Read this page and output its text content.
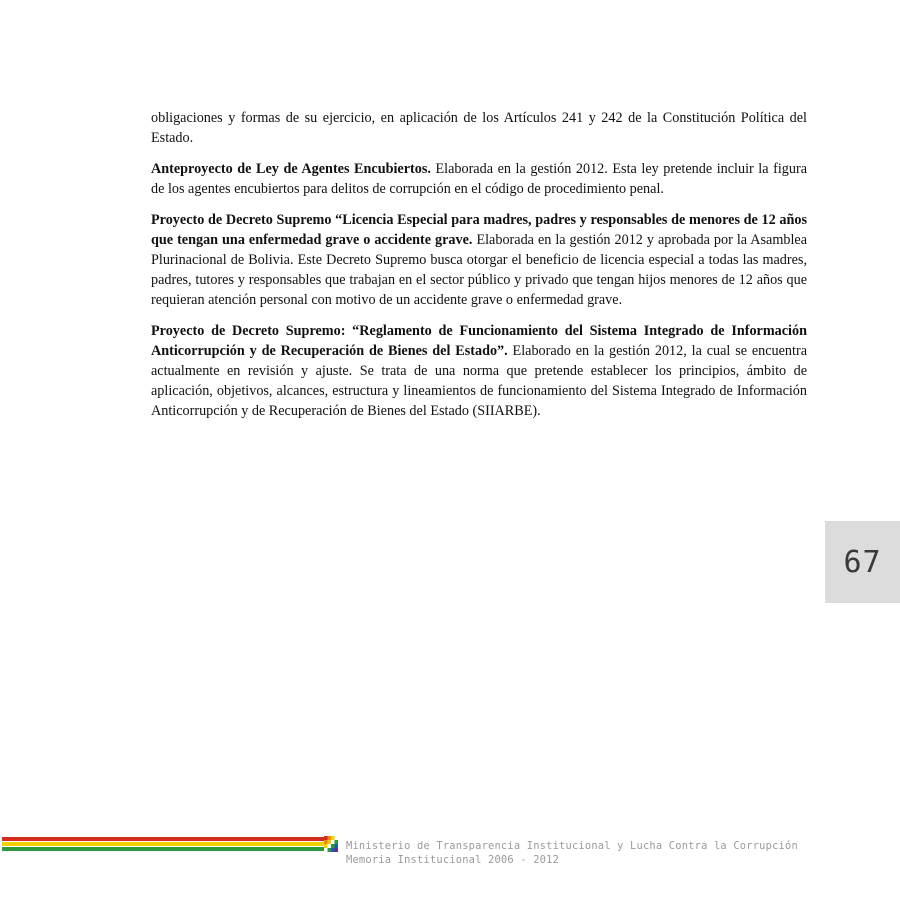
obligaciones y formas de su ejercicio, en aplicación de los Artículos 241 y 242 de la Constitución Política del Estado.

Anteproyecto de Ley de Agentes Encubiertos. Elaborada en la gestión 2012. Esta ley pretende incluir la figura de los agentes encubiertos para delitos de corrupción en el código de procedimiento penal.

Proyecto de Decreto Supremo “Licencia Especial para madres, padres y responsables de menores de 12 años que tengan una enfermedad grave o accidente grave. Elaborada en la gestión 2012 y aprobada por la Asamblea Plurinacional de Bolivia. Este Decreto Supremo busca otorgar el beneficio de licencia especial a todas las madres, padres, tutores y responsables que trabajan en el sector público y privado que tengan hijos menores de 12 años que requieran atención personal con motivo de un accidente grave o enfermedad grave.

Proyecto de Decreto Supremo: “Reglamento de Funcionamiento del Sistema Integrado de Información Anticorrupción y de Recuperación de Bienes del Estado”. Elaborado en la gestión 2012, la cual se encuentra actualmente en revisión y ajuste. Se trata de una norma que pretende establecer los principios, ámbito de aplicación, objetivos, alcances, estructura y lineamientos de funcionamiento del Sistema Integrado de Información Anticorrupción y de Recuperación de Bienes del Estado (SIIARBE).

67
Ministerio de Transparencia Institucional y Lucha Contra la Corrupción
Memoria Institucional 2006 - 2012
